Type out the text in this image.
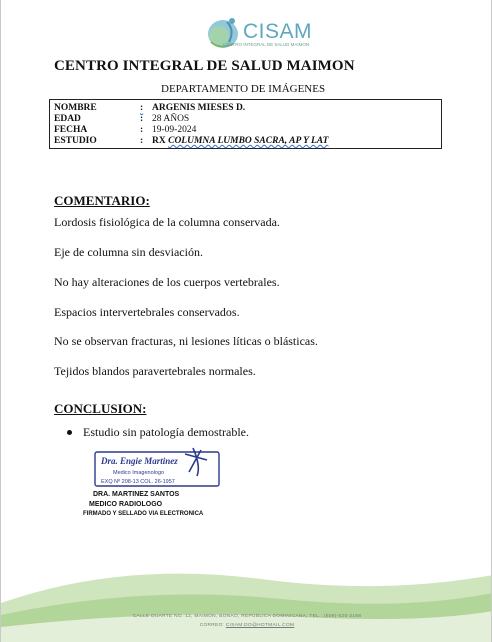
CISAM
CENTRO INTEGRAL DE SALUD MAIMON
CENTRO INTEGRAL DE SALUD MAIMON
DEPARTAMENTO DE IMÁGENES
NOMBRE	: ARGENIS MIESES D.
EDAD	: 28 AÑOS
FECHA	: 19-09-2024
ESTUDIO	: RX COLUMNA LUMBO SACRA, AP Y LAT
COMENTARIO:
Lordosis fisiológica de la columna conservada.
Eje de columna sin desviación.
No hay alteraciones de los cuerpos vertebrales.
Espacios intervertebrales conservados.
No se observan fracturas, ni lesiones líticas o blásticas.
Tejidos blandos paravertebrales normales.
CONCLUSION:
Estudio sin patología demostrable.
Dra. Engie Martinez
Medico Imagenologo
EXQ Nº 208-13 COL. 26-1957
DRA. MARTINEZ SANTOS
MEDICO RADIOLOGO
FIRMADO Y SELLADO VIA ELECTRONICA
CALLE DUARTE NO. 12, MAIMÓN, BONAO, REPUBLICA DOMINICANA, TEL.: (809)-525-2198
CORREO: CISAM.DO@HOTMAIL.COM
